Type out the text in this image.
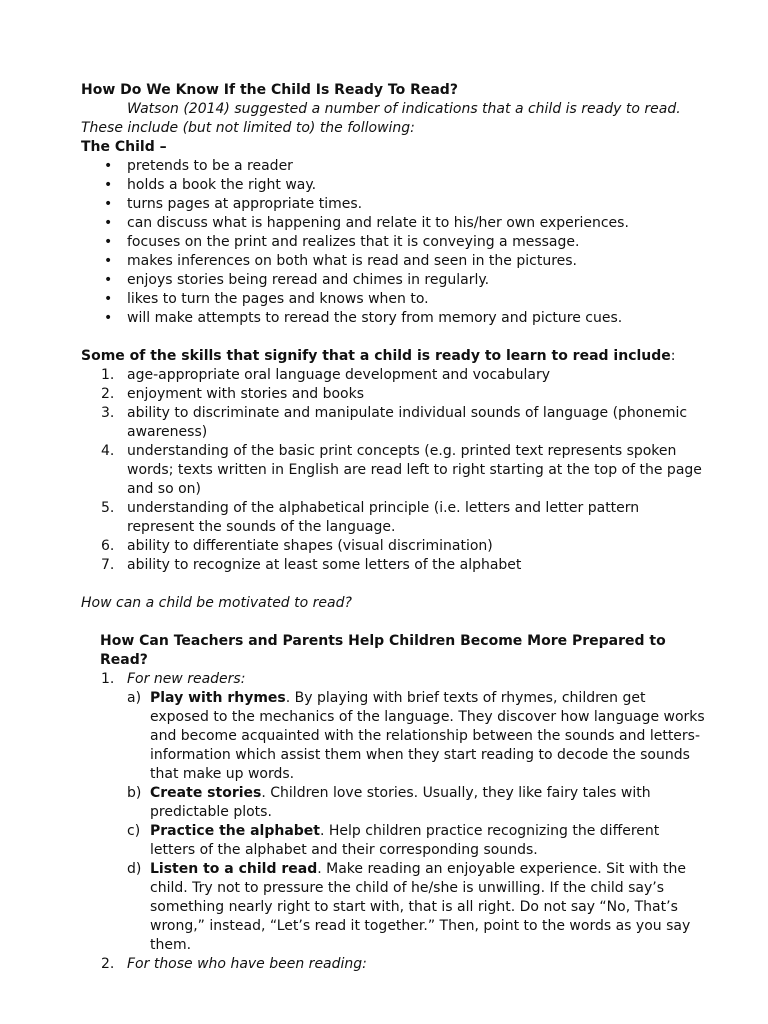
How Do We Know If the Child Is Ready To Read?

Watson (2014) suggested a number of indications that a child is ready to read. These include (but not limited to) the following:

The Child –

• pretends to be a reader
• holds a book the right way.
• turns pages at appropriate times.
• can discuss what is happening and relate it to his/her own experiences.
• focuses on the print and realizes that it is conveying a message.
• makes inferences on both what is read and seen in the pictures.
• enjoys stories being reread and chimes in regularly.
• likes to turn the pages and knows when to.
• will make attempts to reread the story from memory and picture cues.

Some of the skills that signify that a child is ready to learn to read include:

1. age-appropriate oral language development and vocabulary
2. enjoyment with stories and books
3. ability to discriminate and manipulate individual sounds of language (phonemic awareness)
4. understanding of the basic print concepts (e.g. printed text represents spoken words; texts written in English are read left to right starting at the top of the page and so on)
5. understanding of the alphabetical principle (i.e. letters and letter pattern represent the sounds of the language.
6. ability to differentiate shapes (visual discrimination)
7. ability to recognize at least some letters of the alphabet

How can a child be motivated to read?

How Can Teachers and Parents Help Children Become More Prepared to Read?

1. For new readers:
a) Play with rhymes. By playing with brief texts of rhymes, children get exposed to the mechanics of the language. They discover how language works and become acquainted with the relationship between the sounds and letters-information which assist them when they start reading to decode the sounds that make up words.
b) Create stories. Children love stories. Usually, they like fairy tales with predictable plots.
c) Practice the alphabet. Help children practice recognizing the different letters of the alphabet and their corresponding sounds.
d) Listen to a child read. Make reading an enjoyable experience. Sit with the child. Try not to pressure the child of he/she is unwilling. If the child say’s something nearly right to start with, that is all right. Do not say “No, That’s wrong,” instead, “Let’s read it together.” Then, point to the words as you say them.
2. For those who have been reading:
